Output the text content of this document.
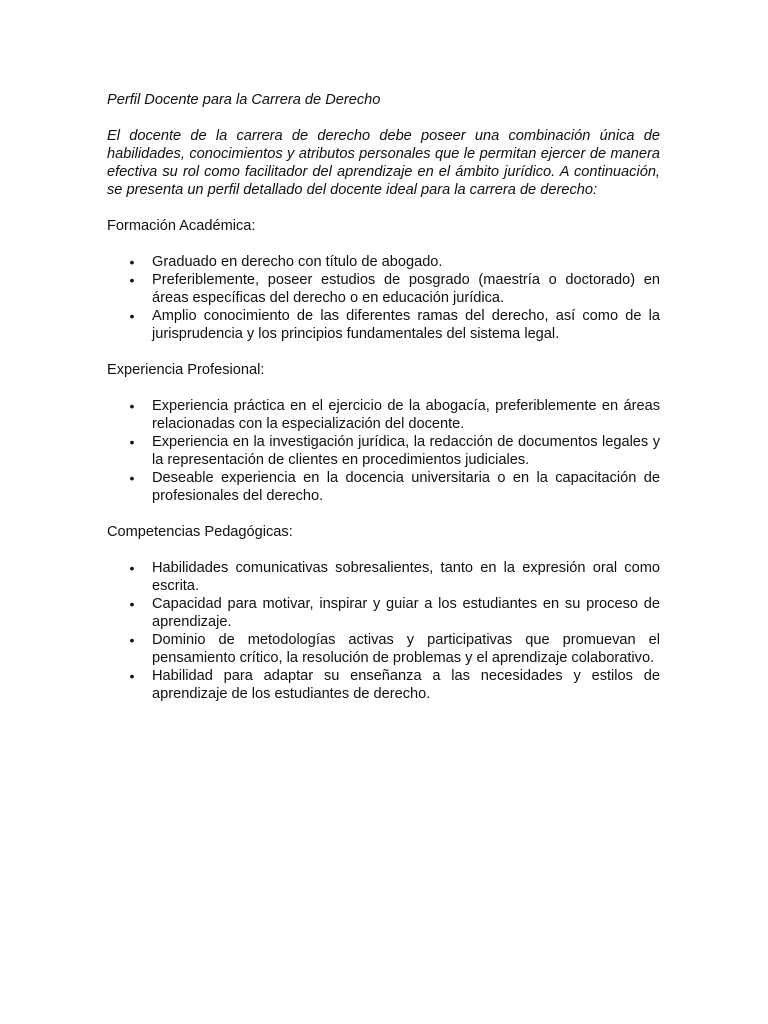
Perfil Docente para la Carrera de Derecho

El docente de la carrera de derecho debe poseer una combinación única de habilidades, conocimientos y atributos personales que le permitan ejercer de manera efectiva su rol como facilitador del aprendizaje en el ámbito jurídico. A continuación, se presenta un perfil detallado del docente ideal para la carrera de derecho:

Formación Académica:

• Graduado en derecho con título de abogado.
• Preferiblemente, poseer estudios de posgrado (maestría o doctorado) en áreas específicas del derecho o en educación jurídica.
• Amplio conocimiento de las diferentes ramas del derecho, así como de la jurisprudencia y los principios fundamentales del sistema legal.

Experiencia Profesional:

• Experiencia práctica en el ejercicio de la abogacía, preferiblemente en áreas relacionadas con la especialización del docente.
• Experiencia en la investigación jurídica, la redacción de documentos legales y la representación de clientes en procedimientos judiciales.
• Deseable experiencia en la docencia universitaria o en la capacitación de profesionales del derecho.

Competencias Pedagógicas:

• Habilidades comunicativas sobresalientes, tanto en la expresión oral como escrita.
• Capacidad para motivar, inspirar y guiar a los estudiantes en su proceso de aprendizaje.
• Dominio de metodologías activas y participativas que promuevan el pensamiento crítico, la resolución de problemas y el aprendizaje colaborativo.
• Habilidad para adaptar su enseñanza a las necesidades y estilos de aprendizaje de los estudiantes de derecho.
